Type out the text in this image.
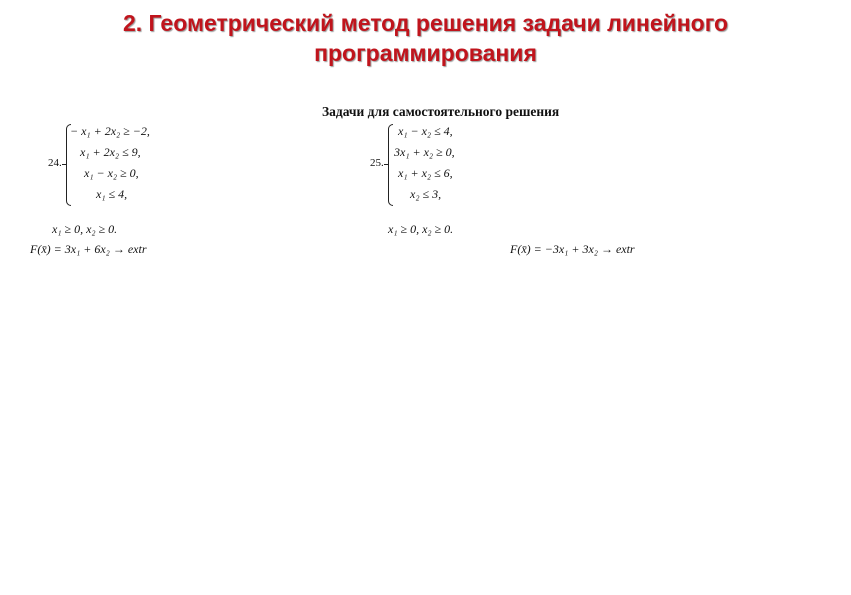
2. Геометрический метод решения задачи линейного
программирования
Задачи для самостоятельного решения
24.
− x₁ + 2x₂ ≥ −2,
x₁ + 2x₂ ≤ 9,
x₁ − x₂ ≥ 0,
x₁ ≤ 4,
x₁ ≥ 0, x₂ ≥ 0.
F(x̄) = 3x₁ + 6x₂ → extr
25.
x₁ − x₂ ≤ 4,
3x₁ + x₂ ≥ 0,
x₁ + x₂ ≤ 6,
x₂ ≤ 3,
x₁ ≥ 0, x₂ ≥ 0.
F(x̄) = −3x₁ + 3x₂ → extr
